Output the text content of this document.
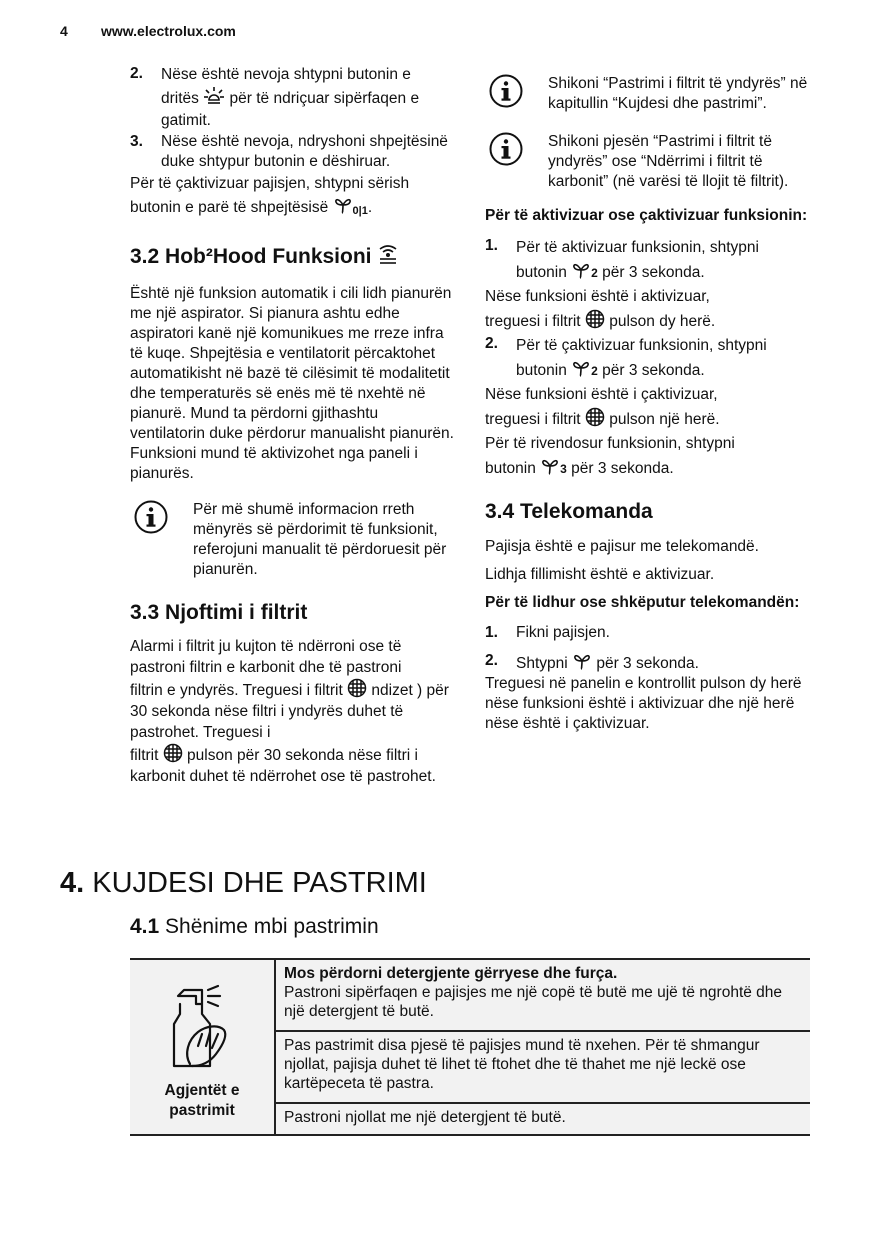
4 www.electrolux.com
2. Nëse është nevoja shtypni butonin e
dritës për të ndriçuar sipërfaqen e
gatimit.

3. Nëse është nevoja, ndryshoni shpejtësinë duke shtypur butonin e dëshiruar.

Për të çaktivizuar pajisjen, shtypni sërish
butonin e parë të shpejtësisë 0|1.

3.2 Hob²Hood Funksioni

Është një funksion automatik i cili lidh pianurën me një aspirator. Si pianura ashtu edhe aspiratori kanë një komunikues me rreze infra të kuqe. Shpejtësia e ventilatorit përcaktohet automatikisht në bazë të cilësimit të modalitetit dhe temperaturës së enës më të nxehtë në pianurë. Mund ta përdorni gjithashtu ventilatorin duke përdorur manualisht pianurën. Funksioni mund të aktivizohet nga paneli i pianurës.

Për më shumë informacion rreth mënyrës së përdorimit të funksionit, referojuni manualit të përdoruesit për pianurën.

3.3 Njoftimi i filtrit

Alarmi i filtrit ju kujton të ndërroni ose të pastroni filtrin e karbonit dhe të pastroni
filtrin e yndyrës. Treguesi i filtrit ndizet ) për 30 sekonda nëse filtri i yndyrës duhet të pastrohet. Treguesi i
filtrit pulson për 30 sekonda nëse filtri i karbonit duhet të ndërrohet ose të pastrohet.

Shikoni “Pastrimi i filtrit të yndyrës” në kapitullin “Kujdesi dhe pastrimi”.

Shikoni pjesën “Pastrimi i filtrit të yndyrës” ose “Ndërrimi i filtrit të karbonit” (në varësi të llojit të filtrit).

Për të aktivizuar ose çaktivizuar funksionin:

1. Për të aktivizuar funksionin, shtypni
butonin 2 për 3 sekonda.

Nëse funksioni është i aktivizuar,
treguesi i filtrit pulson dy herë.

2. Për të çaktivizuar funksionin, shtypni
butonin 2 për 3 sekonda.

Nëse funksioni është i çaktivizuar,
treguesi i filtrit pulson një herë.
Për të rivendosur funksionin, shtypni
butonin 3 për 3 sekonda.

3.4 Telekomanda

Pajisja është e pajisur me telekomandë.

Lidhja fillimisht është e aktivizuar.

Për të lidhur ose shkëputur telekomandën:

1. Fikni pajisjen.

2. Shtypni për 3 sekonda.

Treguesi në panelin e kontrollit pulson dy herë nëse funksioni është i aktivizuar dhe një herë nëse është i çaktivizuar.

4. KUJDESI DHE PASTRIMI
4.1 Shënime mbi pastrimin
Agjentët e pastrimit

Mos përdorni detergjente gërryese dhe furça.
Pastroni sipërfaqen e pajisjes me një copë të butë me ujë të ngrohtë dhe një detergjent të butë.

Pas pastrimit disa pjesë të pajisjes mund të nxehen. Për të shmangur njollat, pajisja duhet të lihet të ftohet dhe të thahet me një leckë ose kartëpeceta të pastra.
Pastroni njollat me një detergjent të butë.
